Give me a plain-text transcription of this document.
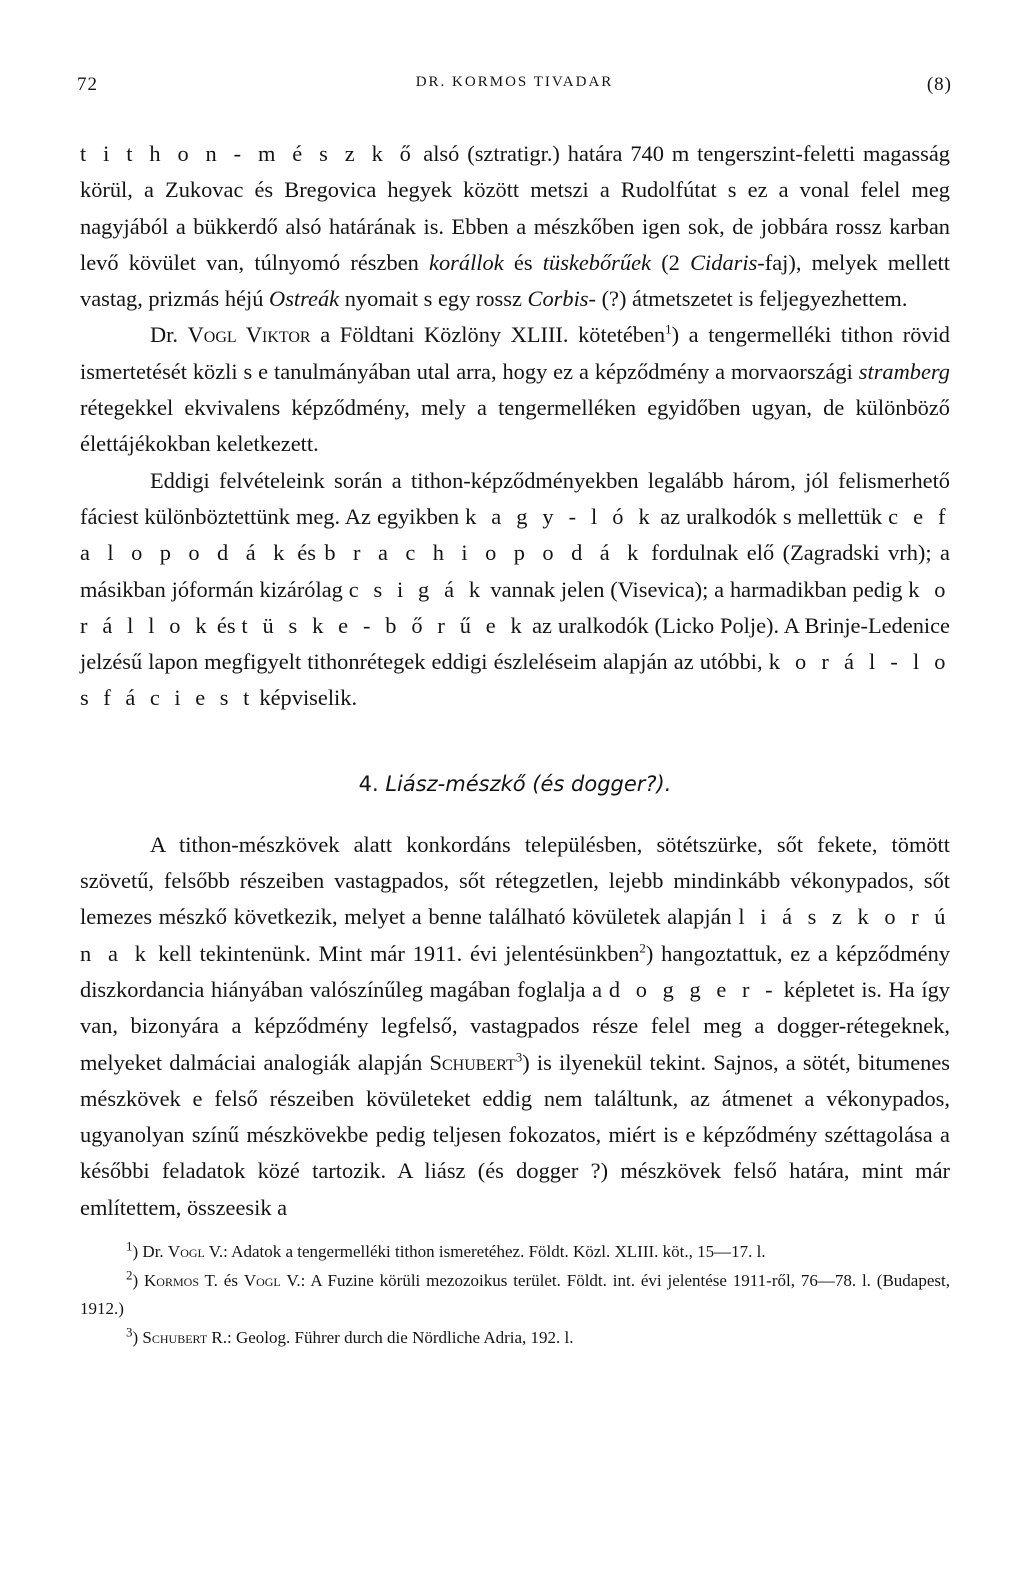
72	DR. KORMOS TIVADAR	(8)

t i t h o n - m é s z k ő alsó (sztratigr.) határa 740 m tengerszint-feletti magasság körül, a Zukovac és Bregovica hegyek között metszi a Rudolfútat s ez a vonal felel meg nagyjából a bükkerdő alsó határának is. Ebben a mészkőben igen sok, de jobbára rossz karban levő kövület van, túlnyomó részben korállok és tüskebőrűek (2 Cidaris-faj), melyek mellett vastag, prizmás héjú Ostreák nyomait s egy rossz Corbis- (?) átmetszetet is feljegyezhettem.

Dr. Vogl Viktor a Földtani Közlöny XLIII. kötetében$^1$) a tengermelléki tithon rövid ismertetését közli s e tanulmányában utal arra, hogy ez a képződmény a morvaországi stramberg rétegekkel ekvivalens képződmény, mely a tengermelléken egyidőben ugyan, de különböző élettájékokban keletkezett.

Eddigi felvételeink során a tithon-képződményekben legalább három, jól felismerhető fáciest különböztettünk meg. Az egyikben k a g y - l ó k az uralkodók s mellettük c e f a l o p o d á k és b r a c h i o p o d á k fordulnak elő (Zagradski vrh); a másikban jóformán kizárólag c s i g á k vannak jelen (Visevica); a harmadikban pedig k o r á l l o k és t ü s k e - b ő r ű e k az uralkodók (Licko Polje). A Brinje-Ledenice jelzésű lapon megfigyelt tithonrétegek eddigi észleléseim alapján az utóbbi, k o r á l - l o s f á c i e s t képviselik.

4. Liász-mészkő (és dogger?).

A tithon-mészkövek alatt konkordáns településben, sötétszürke, sőt fekete, tömött szövetű, felsőbb részeiben vastagpados, sőt rétegzetlen, lejebb mindinkább vékonypados, sőt lemezes mészkő következik, melyet a benne található kövületek alapján l i á s z k o r ú n a k kell tekintenünk. Mint már 1911. évi jelentésünkben$^2$) hangoztattuk, ez a képződmény diszkordancia hiányában valószínűleg magában foglalja a d o g g e r - képletet is. Ha így van, bizonyára a képződmény legfelső, vastagpados része felel meg a dogger-rétegeknek, melyeket dalmáciai analogiák alapján Schubert$^3$) is ilyenekül tekint. Sajnos, a sötét, bitumenes mészkövek e felső részeiben kövületeket eddig nem találtunk, az átmenet a vékonypados, ugyanolyan színű mészkövekbe pedig teljesen fokozatos, miért is e képződmény széttagolása a későbbi feladatok közé tartozik. A liász (és dogger ?) mészkövek felső határa, mint már említettem, összeesik a

$^1$) Dr. Vogl V.: Adatok a tengermelléki tithon ismeretéhez. Földt. Közl. XLIII. köt., 15—17. l.

$^2$) Kormos T. és Vogl V.: A Fuzine körüli mezozoikus terület. Földt. int. évi jelentése 1911-ről, 76—78. l. (Budapest, 1912.)

$^3$) Schubert R.: Geolog. Führer durch die Nördliche Adria, 192. l.
